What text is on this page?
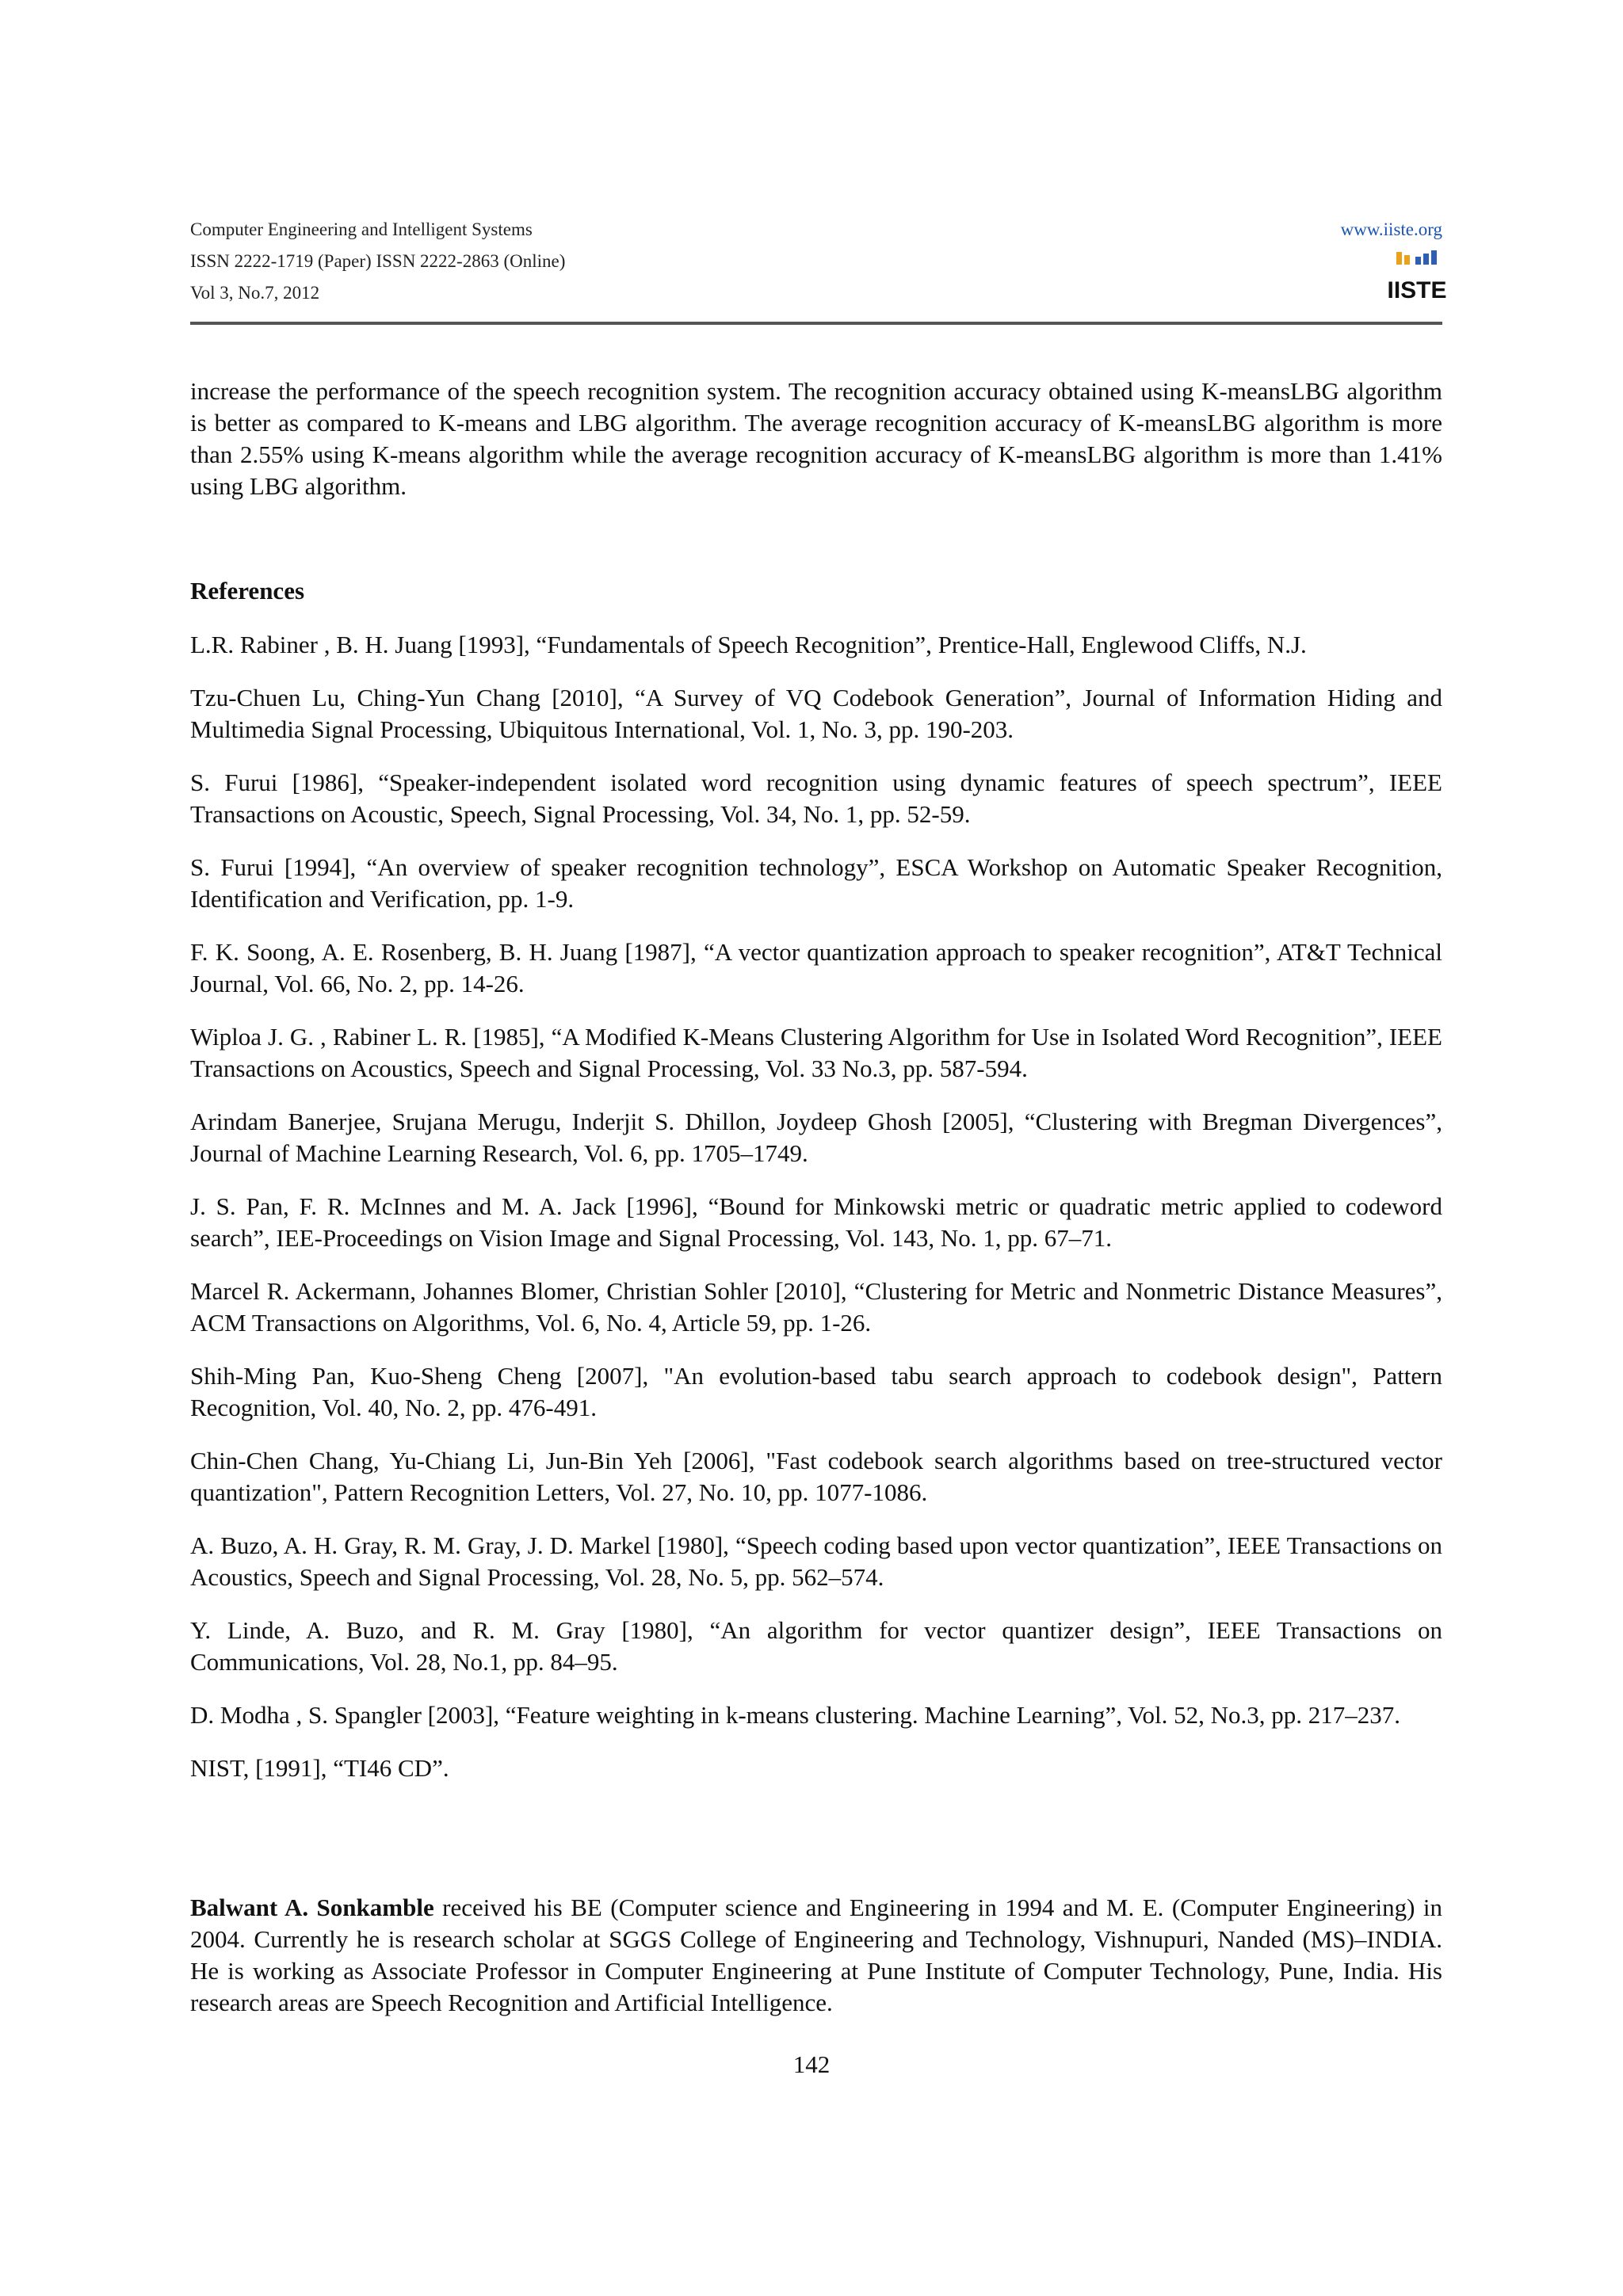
Computer Engineering and Intelligent Systems
ISSN 2222-1719 (Paper) ISSN 2222-2863 (Online)
Vol 3, No.7, 2012
www.iiste.org
IISTE
increase the performance of the speech recognition system. The recognition accuracy obtained using K-meansLBG algorithm is better as compared to K-means and LBG algorithm. The average recognition accuracy of K-meansLBG algorithm is more than 2.55% using K-means algorithm while the average recognition accuracy of K-meansLBG algorithm is more than 1.41% using LBG algorithm.
References

L.R. Rabiner , B. H. Juang [1993], “Fundamentals of Speech Recognition”, Prentice-Hall, Englewood Cliffs, N.J.

Tzu-Chuen Lu, Ching-Yun Chang [2010], “A Survey of VQ Codebook Generation”, Journal of Information Hiding and Multimedia Signal Processing, Ubiquitous International, Vol. 1, No. 3, pp. 190-203.

S. Furui [1986], “Speaker-independent isolated word recognition using dynamic features of speech spectrum”, IEEE Transactions on Acoustic, Speech, Signal Processing, Vol. 34, No. 1, pp. 52-59.

S. Furui [1994], “An overview of speaker recognition technology”, ESCA Workshop on Automatic Speaker Recognition, Identification and Verification, pp. 1-9.

F. K. Soong, A. E. Rosenberg, B. H. Juang [1987], “A vector quantization approach to speaker recognition”, AT&T Technical Journal, Vol. 66, No. 2, pp. 14-26.

Wiploa J. G. , Rabiner L. R. [1985], “A Modified K-Means Clustering Algorithm for Use in Isolated Word Recognition”, IEEE Transactions on Acoustics, Speech and Signal Processing, Vol. 33 No.3, pp. 587-594.

Arindam Banerjee, Srujana Merugu, Inderjit S. Dhillon, Joydeep Ghosh [2005], “Clustering with Bregman Divergences”, Journal of Machine Learning Research, Vol. 6, pp. 1705–1749.

J. S. Pan, F. R. McInnes and M. A. Jack [1996], “Bound for Minkowski metric or quadratic metric applied to codeword search”, IEE-Proceedings on Vision Image and Signal Processing, Vol. 143, No. 1, pp. 67–71.

Marcel R. Ackermann, Johannes Blomer, Christian Sohler [2010], “Clustering for Metric and Nonmetric Distance Measures”, ACM Transactions on Algorithms, Vol. 6, No. 4, Article 59, pp. 1-26.

Shih-Ming Pan, Kuo-Sheng Cheng [2007], "An evolution-based tabu search approach to codebook design", Pattern Recognition, Vol. 40, No. 2, pp. 476-491.

Chin-Chen Chang, Yu-Chiang Li, Jun-Bin Yeh [2006], "Fast codebook search algorithms based on tree-structured vector quantization", Pattern Recognition Letters, Vol. 27, No. 10, pp. 1077-1086.

A. Buzo, A. H. Gray, R. M. Gray, J. D. Markel [1980], “Speech coding based upon vector quantization”, IEEE Transactions on Acoustics, Speech and Signal Processing, Vol. 28, No. 5, pp. 562–574.

Y. Linde, A. Buzo, and R. M. Gray [1980], “An algorithm for vector quantizer design”, IEEE Transactions on Communications, Vol. 28, No.1, pp. 84–95.

D. Modha , S. Spangler [2003], “Feature weighting in k-means clustering. Machine Learning”, Vol. 52, No.3, pp. 217–237.

NIST, [1991], “TI46 CD”.

Balwant A. Sonkamble received his BE (Computer science and Engineering in 1994 and M. E. (Computer Engineering) in 2004. Currently he is research scholar at SGGS College of Engineering and Technology, Vishnupuri, Nanded (MS)–INDIA. He is working as Associate Professor in Computer Engineering at Pune Institute of Computer Technology, Pune, India. His research areas are Speech Recognition and Artificial Intelligence.
142
